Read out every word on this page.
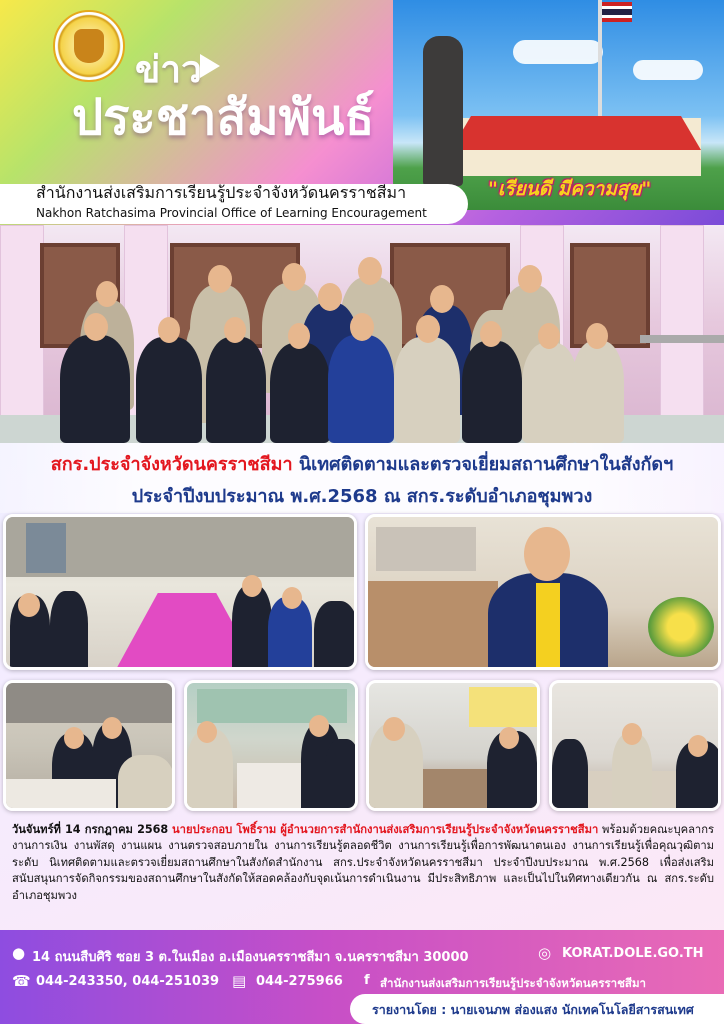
ข่าว
ประชาสัมพันธ์
สำนักงานส่งเสริมการเรียนรู้ประจำจังหวัดนครราชสีมา
Nakhon Ratchasima Provincial Office of Learning Encouragement
"เรียนดี มีความสุข"
สกร.ประจำจังหวัดนครราชสีมา นิเทศติดตามและตรวจเยี่ยมสถานศึกษาในสังกัดฯ
ประจำปีงบประมาณ พ.ศ.2568 ณ สกร.ระดับอำเภอชุมพวง
วันจันทร์ที่ 14 กรกฎาคม 2568 นายประกอบ โพธิ์ราม ผู้อำนวยการสำนักงานส่งเสริมการเรียนรู้ประจำจังหวัดนครราชสีมา พร้อมด้วยคณะบุคลากรงานการเงิน งานพัสดุ งานแผน งานตรวจสอบภายใน งานการเรียนรู้ตลอดชีวิต งานการเรียนรู้เพื่อการพัฒนาตนเอง งานการเรียนรู้เพื่อคุณวุฒิตามระดับ นิเทศติดตามและตรวจเยี่ยมสถานศึกษาในสังกัดสำนักงาน สกร.ประจำจังหวัดนครราชสีมา ประจำปีงบประมาณ พ.ศ.2568 เพื่อส่งเสริมสนับสนุนการจัดกิจกรรมของสถานศึกษาในสังกัดให้สอดคล้องกับจุดเน้นการดำเนินงาน มีประสิทธิภาพ และเป็นไปในทิศทางเดียวกัน ณ สกร.ระดับอำเภอชุมพวง
● 14 ถนนสืบศิริ ซอย 3 ต.ในเมือง อ.เมืองนครราชสีมา จ.นครราชสีมา 30000	◎ KORAT.DOLE.GO.TH
☎ 044-243350, 044-251039 ▤ 044-275966 f สำนักงานส่งเสริมการเรียนรู้ประจำจังหวัดนครราชสีมา
รายงานโดย : นายเจนภพ ส่องแสง นักเทคโนโลยีสารสนเทศ
